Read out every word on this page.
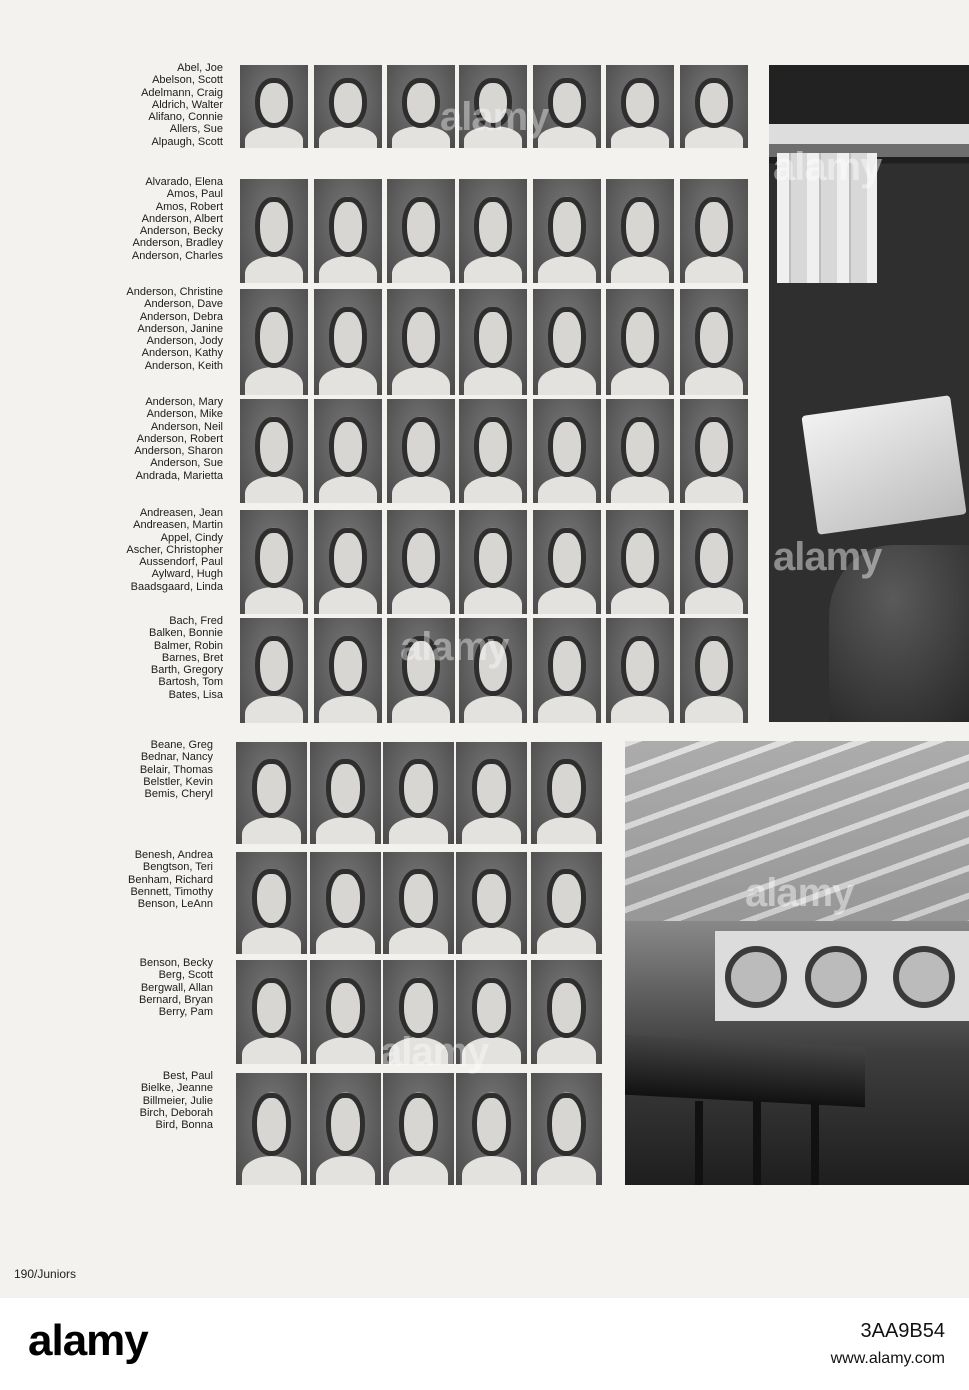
Abel, Joe
Abelson, Scott
Adelmann, Craig
Aldrich, Walter
Alifano, Connie
Allers, Sue
Alpaugh, Scott
Alvarado, Elena
Amos, Paul
Amos, Robert
Anderson, Albert
Anderson, Becky
Anderson, Bradley
Anderson, Charles
Anderson, Christine
Anderson, Dave
Anderson, Debra
Anderson, Janine
Anderson, Jody
Anderson, Kathy
Anderson, Keith
Anderson, Mary
Anderson, Mike
Anderson, Neil
Anderson, Robert
Anderson, Sharon
Anderson, Sue
Andrada, Marietta
Andreasen, Jean
Andreasen, Martin
Appel, Cindy
Ascher, Christopher
Aussendorf, Paul
Aylward, Hugh
Baadsgaard, Linda
Bach, Fred
Balken, Bonnie
Balmer, Robin
Barnes, Bret
Barth, Gregory
Bartosh, Tom
Bates, Lisa
Beane, Greg
Bednar, Nancy
Belair, Thomas
Belstler, Kevin
Bemis, Cheryl
Benesh, Andrea
Bengtson, Teri
Benham, Richard
Bennett, Timothy
Benson, LeAnn
Benson, Becky
Berg, Scott
Bergwall, Allan
Bernard, Bryan
Berry, Pam
Best, Paul
Bielke, Jeanne
Billmeier, Julie
Birch, Deborah
Bird, Bonna
alamy
alamy
alamy
alamy
alamy
alamy
190/Juniors
alamy	3AA9B54
www.alamy.com
